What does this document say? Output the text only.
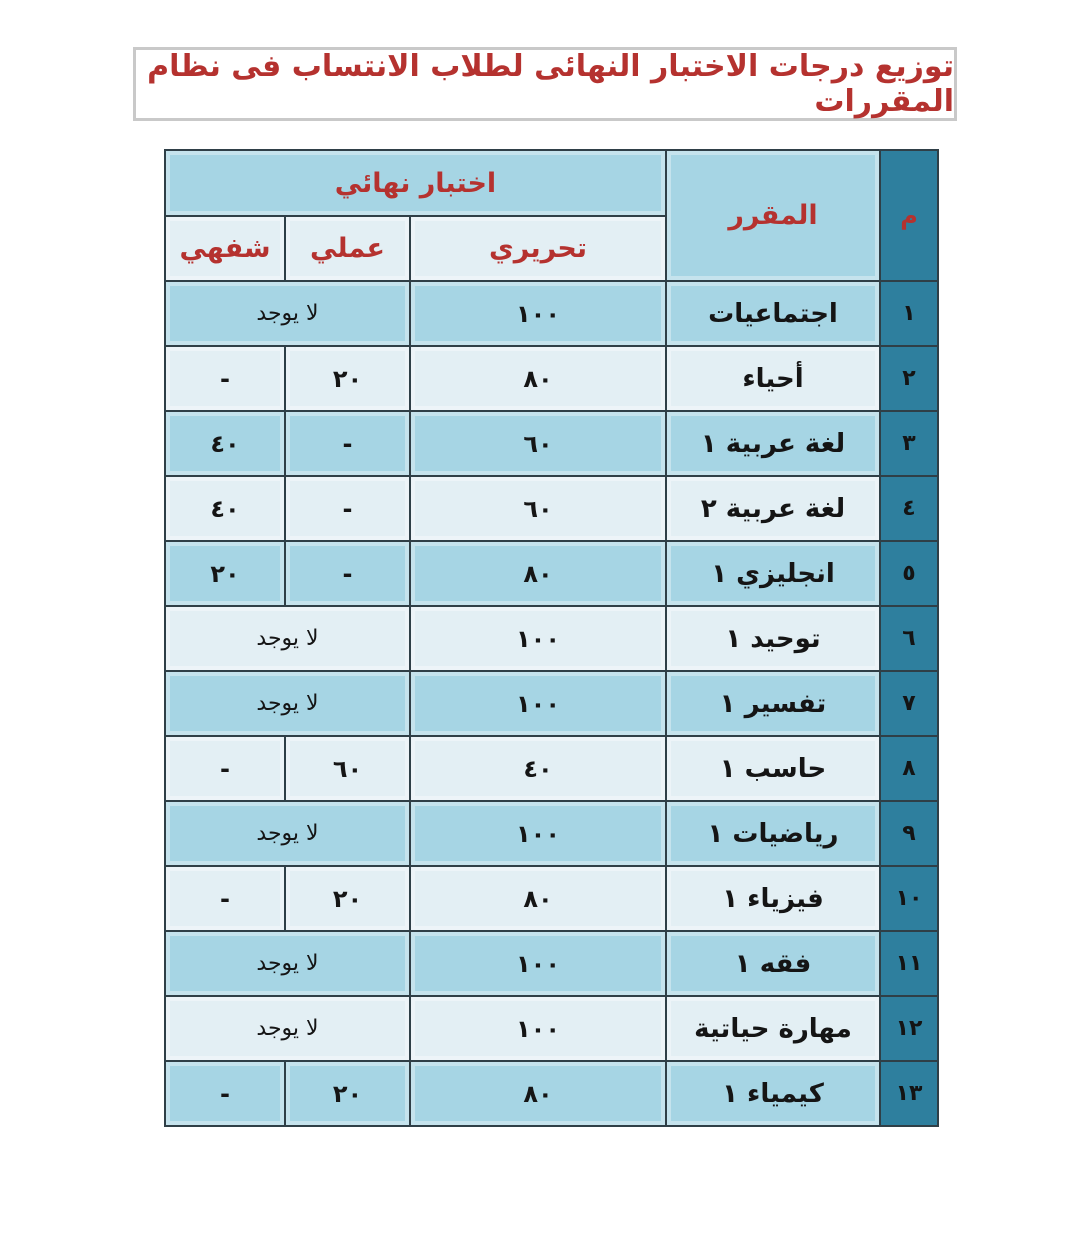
توزيع درجات الاختبار النهائى لطلاب الانتساب فى نظام المقررات
م	المقرر	اختبار نهائي		
		تحريري	عملي	شفهي
١	اجتماعيات	١٠٠	لا يوجد	
٢	أحياء	٨٠	٢٠	-
٣	لغة عربية ١	٦٠	-	٤٠
٤	لغة عربية ٢	٦٠	-	٤٠
٥	انجليزي ١	٨٠	-	٢٠
٦	توحيد ١	١٠٠	لا يوجد	
٧	تفسير ١	١٠٠	لا يوجد	
٨	حاسب ١	٤٠	٦٠	-
٩	رياضيات ١	١٠٠	لا يوجد	
١٠	فيزياء ١	٨٠	٢٠	-
١١	فقه ١	١٠٠	لا يوجد	
١٢	مهارة حياتية	١٠٠	لا يوجد	
١٣	كيمياء ١	٨٠	٢٠	-
